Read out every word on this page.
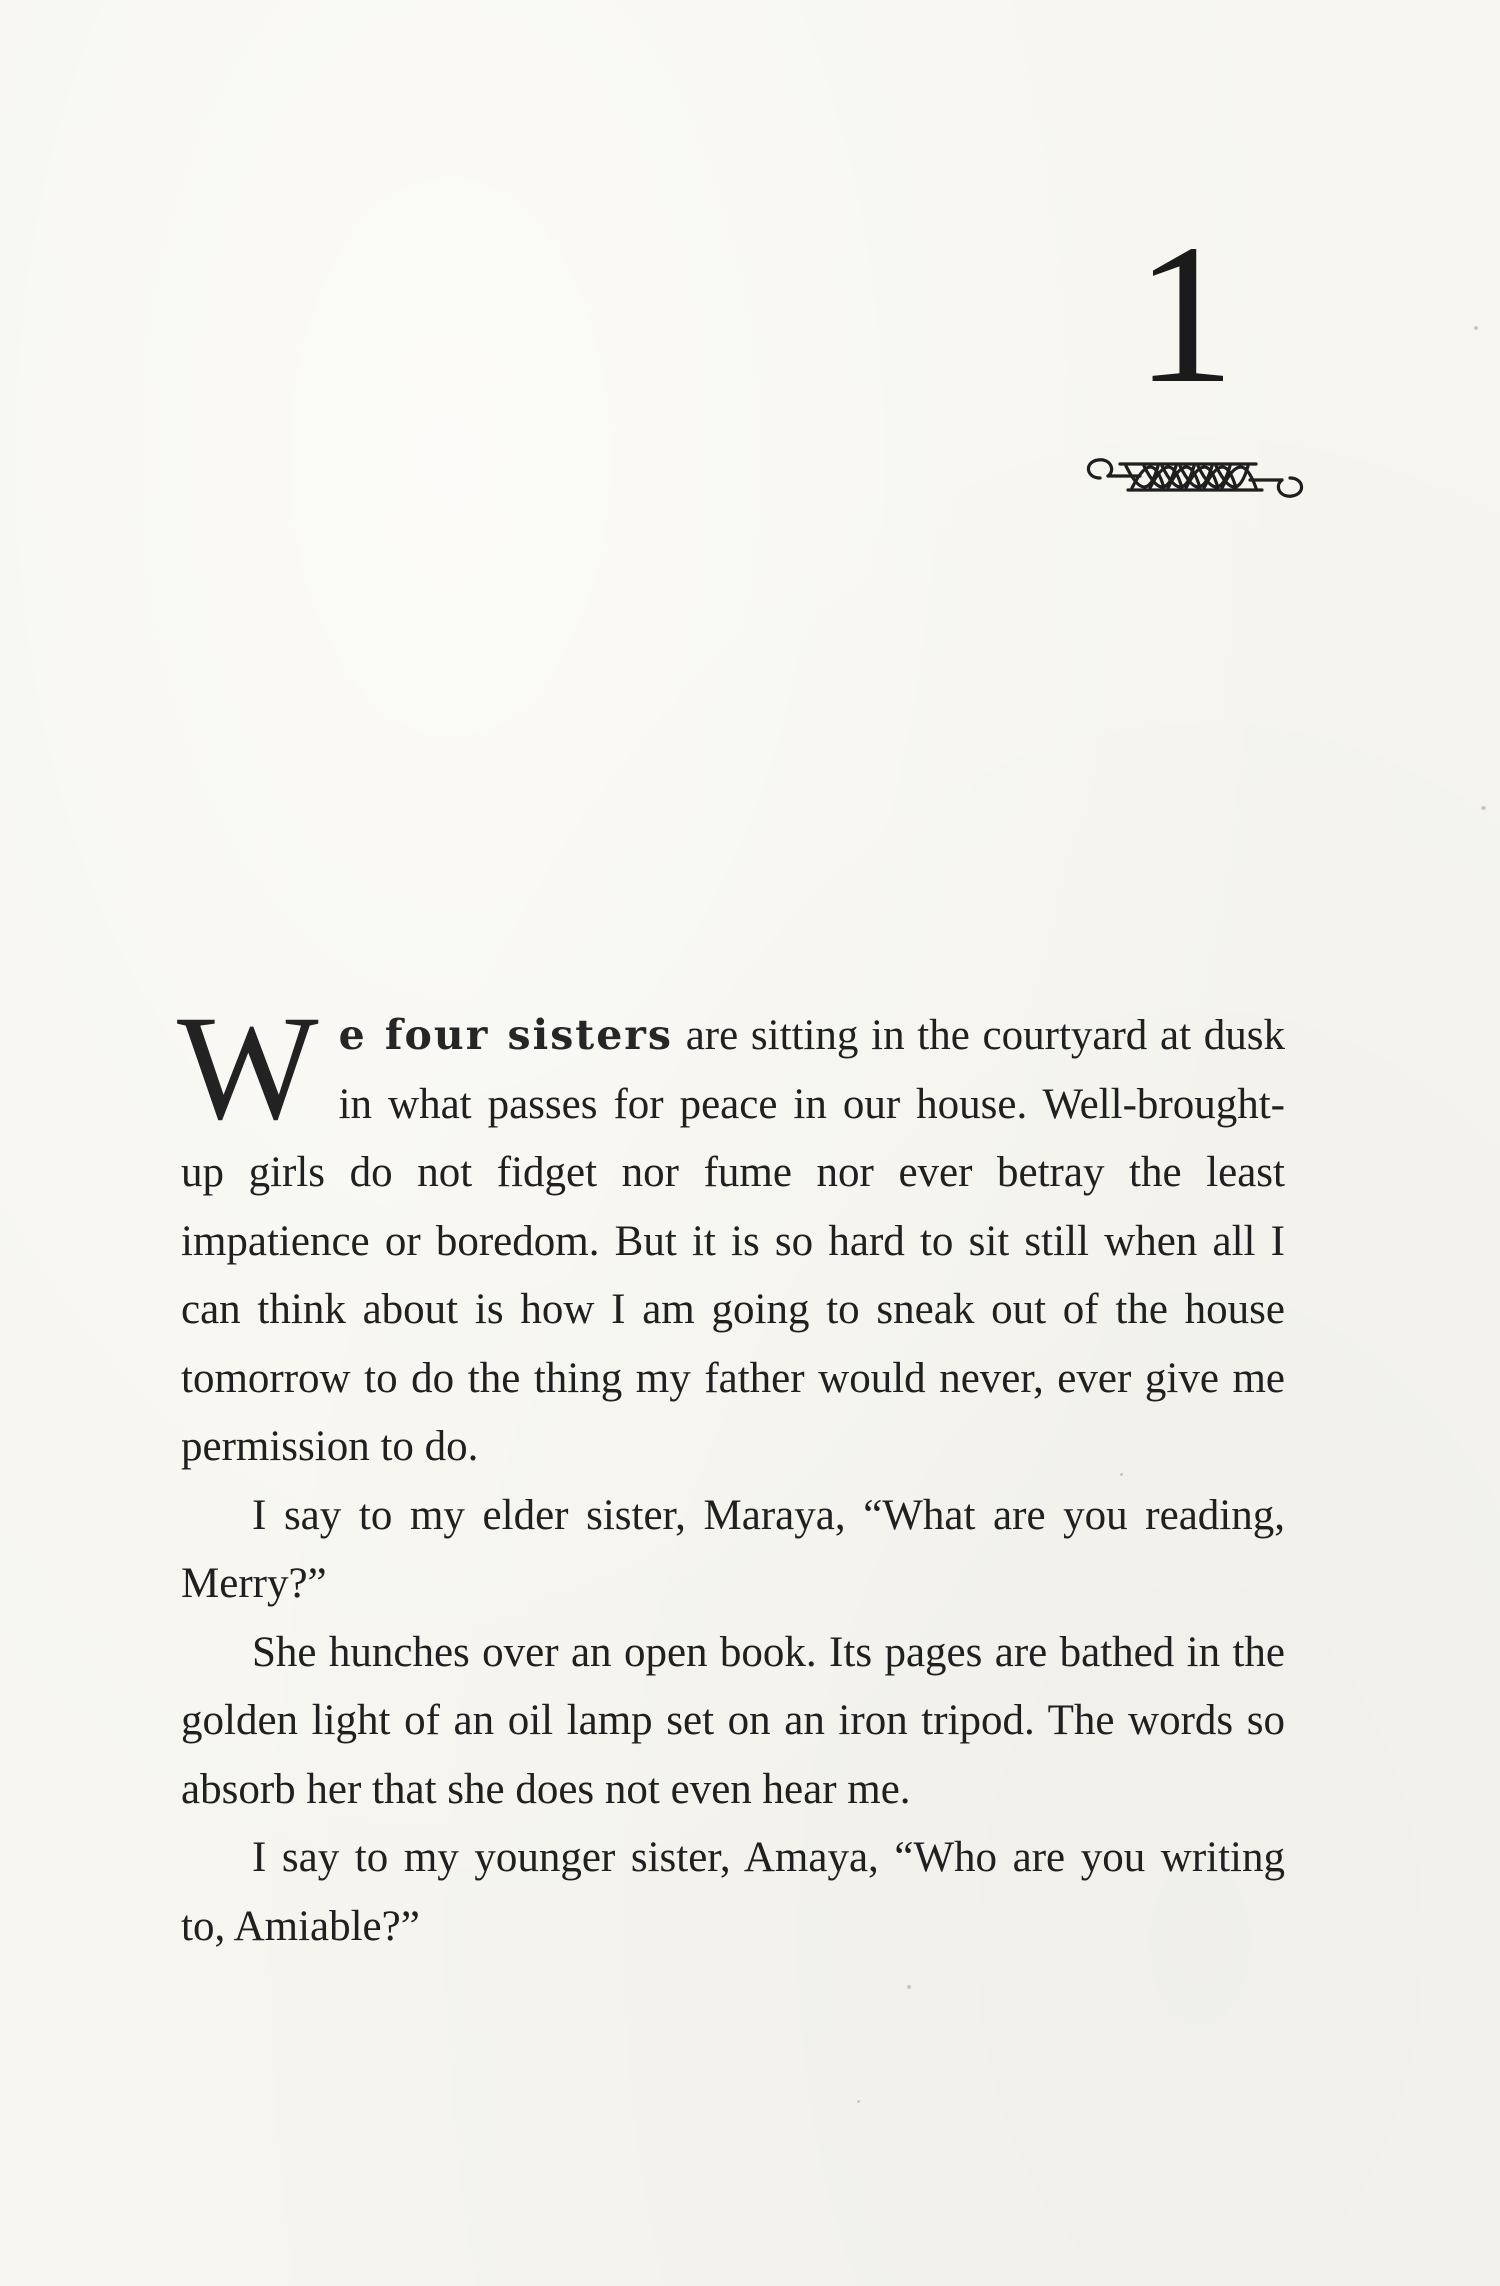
1

We four sisters are sitting in the courtyard at dusk in what passes for peace in our house. Well-brought-up girls do not fidget nor fume nor ever betray the least impatience or boredom. But it is so hard to sit still when all I can think about is how I am going to sneak out of the house tomorrow to do the thing my father would never, ever give me permission to do.

I say to my elder sister, Maraya, “What are you reading, Merry?”

She hunches over an open book. Its pages are bathed in the golden light of an oil lamp set on an iron tripod. The words so absorb her that she does not even hear me.

I say to my younger sister, Amaya, “Who are you writing to, Amiable?”
